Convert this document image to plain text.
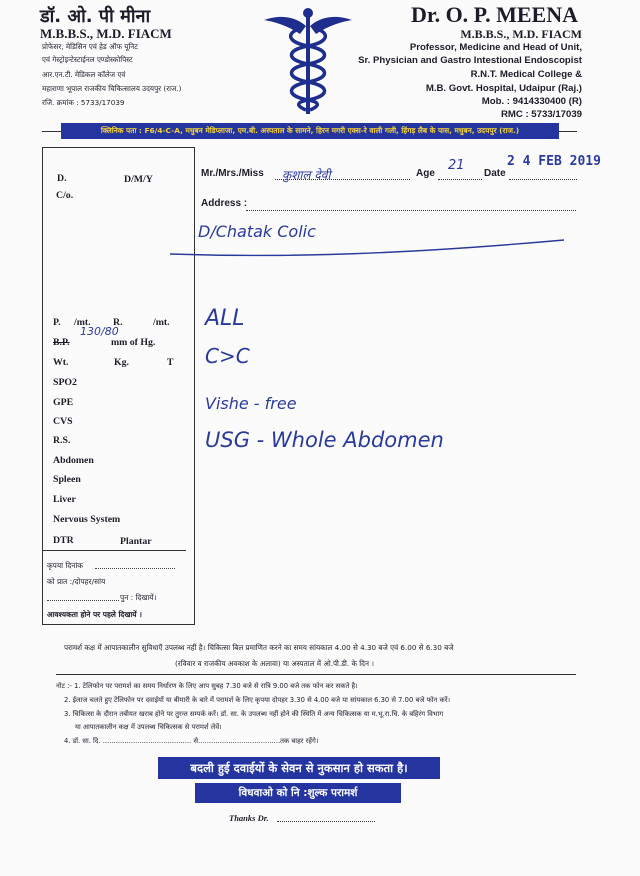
डॉ. ओ. पी मीना
M.B.B.S., M.D. FIACM
प्रोफेसर, मेडिसिन एवं हेड ऑफ यूनिट
एवं गेस्ट्रोइन्टेस्टाईनल एण्डोस्कोपिस्ट
आर.एन.टी. मेडिकल कॉलेज एवं
महाराणा भूपाल राजकीय चिकित्सालय उदयपुर (राज.)
रजि. क्रमांक : 5733/17039
Dr. O. P. MEENA
M.B.B.S., M.D. FIACM
Professor, Medicine and Head of Unit,
Sr. Physician and Gastro Intestional Endoscopist
R.N.T. Medical College &
M.B. Govt. Hospital, Udaipur (Raj.)
Mob. : 9414330400 (R)
RMC : 5733/17039
क्लिनिक पता : F6/4-C-A, मधुबन मेडिप्लाजा, एम.बी. अस्पताल के सामने, हिरन मगरी एक्स-रे वाली गली, हिंगड़ लैब के पास, मधुबन, उदयपुर (राज.)
D.	D/M/Y
C/o.
P. /mt. R.	/mt.
B.P.
130/80
mm of Hg.
Wt.	Kg.	T
SPO2
GPE
CVS
R.S.
Abdomen
Spleen
Liver
Nervous System
DTR	Plantar
कृपया दिनांक
को प्रात :/दोपहर/सांय
पुन : दिखायें।
आवश्यकता होने पर पहले दिखायें ।
Mr./Mrs./Miss कुशाल देवी	Age
21
Date
2 4 FEB 2019
Address :
D/Chatak Colic
ALL
C>C
Vishe - free
USG - Whole Abdomen
परामर्श कक्ष में आपातकालीन सुविधाएँ उपलब्ध नहीं है। चिकित्सा बिल प्रमाणित करने का समय सांयकाल 4.00 से 4.30 बजे एवं 6.00 से 6.30 बजे
(रविवार व राजकीय अवकाश के अलावा) या अस्पताल में ओ.पी.डी. के दिन ।
नोट :- 1. टेलिफोन पर परामर्श का समय निर्धारण के लिए आप सुबह 7.30 बजे से रात्रि 9.00 बजे तक फोन कर सकते है।
2. ईलाज चलते हुए टेलिफोन पर दवाईयों या बीमारी के बारे में परामर्श के लिए कृपया दोपहर 3.30 से 4.00 बजे या सांयकाल 6.30 से 7.00 बजे फोन करें।
3. चिकित्सा के दौरान तबीयत खराब होने पर तुरन्त सम्पर्क करें। डॉ. सा. के उपलब्ध नहीं होने की स्थिति में अन्य चिकित्सक या म.भू.रा.चि. के बहिरंग विभाग
या आपातकालीन कक्ष में उपलब्ध चिकित्सक से परामर्श लेवें।
4. डॉ. सा. दि. ......................................... से......................................तक बाहर रहेंगे।
बदली हुई दवाईयों के सेवन से नुकसान हो सकता है।
विधवाओ को नि :शुल्क परामर्श
Thanks Dr.
